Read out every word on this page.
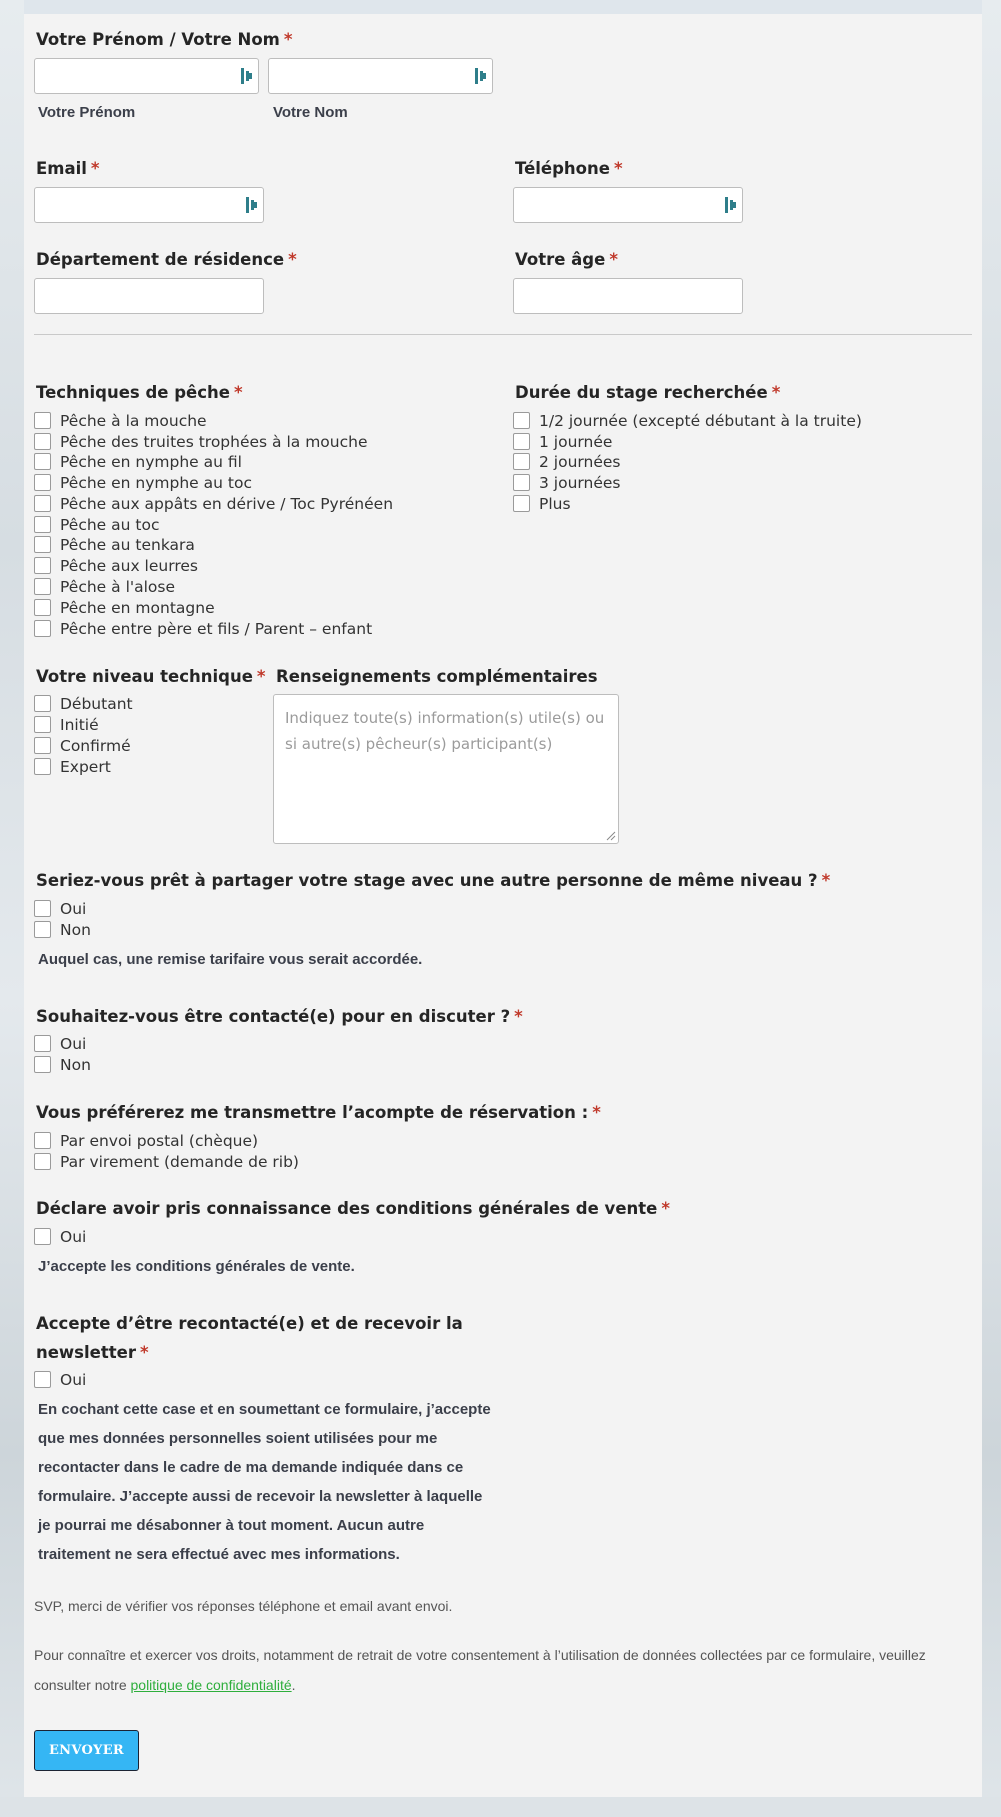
Votre Prénom / Votre Nom *
Votre Prénom	Votre Nom
Email *	Téléphone *
Département de résidence *	Votre âge *
Techniques de pêche *
Pêche à la mouche
Pêche des truites trophées à la mouche
Pêche en nymphe au fil
Pêche en nymphe au toc
Pêche aux appâts en dérive / Toc Pyrénéen
Pêche au toc
Pêche au tenkara
Pêche aux leurres
Pêche à l'alose
Pêche en montagne
Pêche entre père et fils / Parent – enfant
Durée du stage recherchée *
1/2 journée (excepté débutant à la truite)
1 journée
2 journées
3 journées
Plus
Votre niveau technique *
Débutant
Initié
Confirmé
Expert
Renseignements complémentaires
Indiquez toute(s) information(s) utile(s) ou si autre(s) pêcheur(s) participant(s)
Seriez-vous prêt à partager votre stage avec une autre personne de même niveau ? *
Oui
Non
Auquel cas, une remise tarifaire vous serait accordée.
Souhaitez-vous être contacté(e) pour en discuter ? *
Oui
Non
Vous préférerez me transmettre l’acompte de réservation : *
Par envoi postal (chèque)
Par virement (demande de rib)
Déclare avoir pris connaissance des conditions générales de vente *
Oui
J’accepte les conditions générales de vente.
Accepte d’être recontacté(e) et de recevoir la
newsletter *
Oui
En cochant cette case et en soumettant ce formulaire, j’accepte que mes données personnelles soient utilisées pour me recontacter dans le cadre de ma demande indiquée dans ce formulaire. J’accepte aussi de recevoir la newsletter à laquelle je pourrai me désabonner à tout moment. Aucun autre traitement ne sera effectué avec mes informations.
SVP, merci de vérifier vos réponses téléphone et email avant envoi.
Pour connaître et exercer vos droits, notamment de retrait de votre consentement à l’utilisation de données collectées par ce formulaire, veuillez consulter notre politique de confidentialité.
ENVOYER
